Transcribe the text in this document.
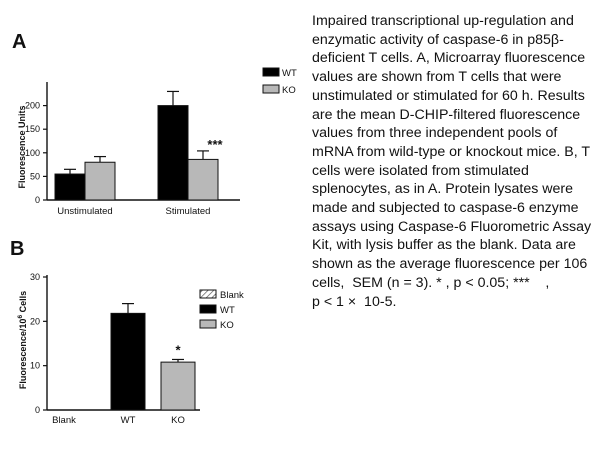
A
Fluorescence Units
0
50
100
150
200
Unstimulated	Stimulated
***
WT
KO
B
Fluorescence/$10^6$ Cells
0
10
20
30
Blank	WT	KO
*
Blank
WT
KO
Impaired transcriptional up-regulation and enzymatic activity of caspase-6 in p85β-deficient T cells. A, Microarray fluorescence values are shown from T cells that were unstimulated or stimulated for 60 h. Results are the mean D-CHIP-filtered fluorescence values from three independent pools of mRNA from wild-type or knockout mice. B, T cells were isolated from stimulated splenocytes, as in A. Protein lysates were made and subjected to caspase-6 enzyme assays using Caspase-6 Fluorometric Assay Kit, with lysis buffer as the blank. Data are shown as the average fluorescence per 106 cells,  SEM (n = 3). * , p < 0.05; ***    ,
p < 1 ×  10-5.
